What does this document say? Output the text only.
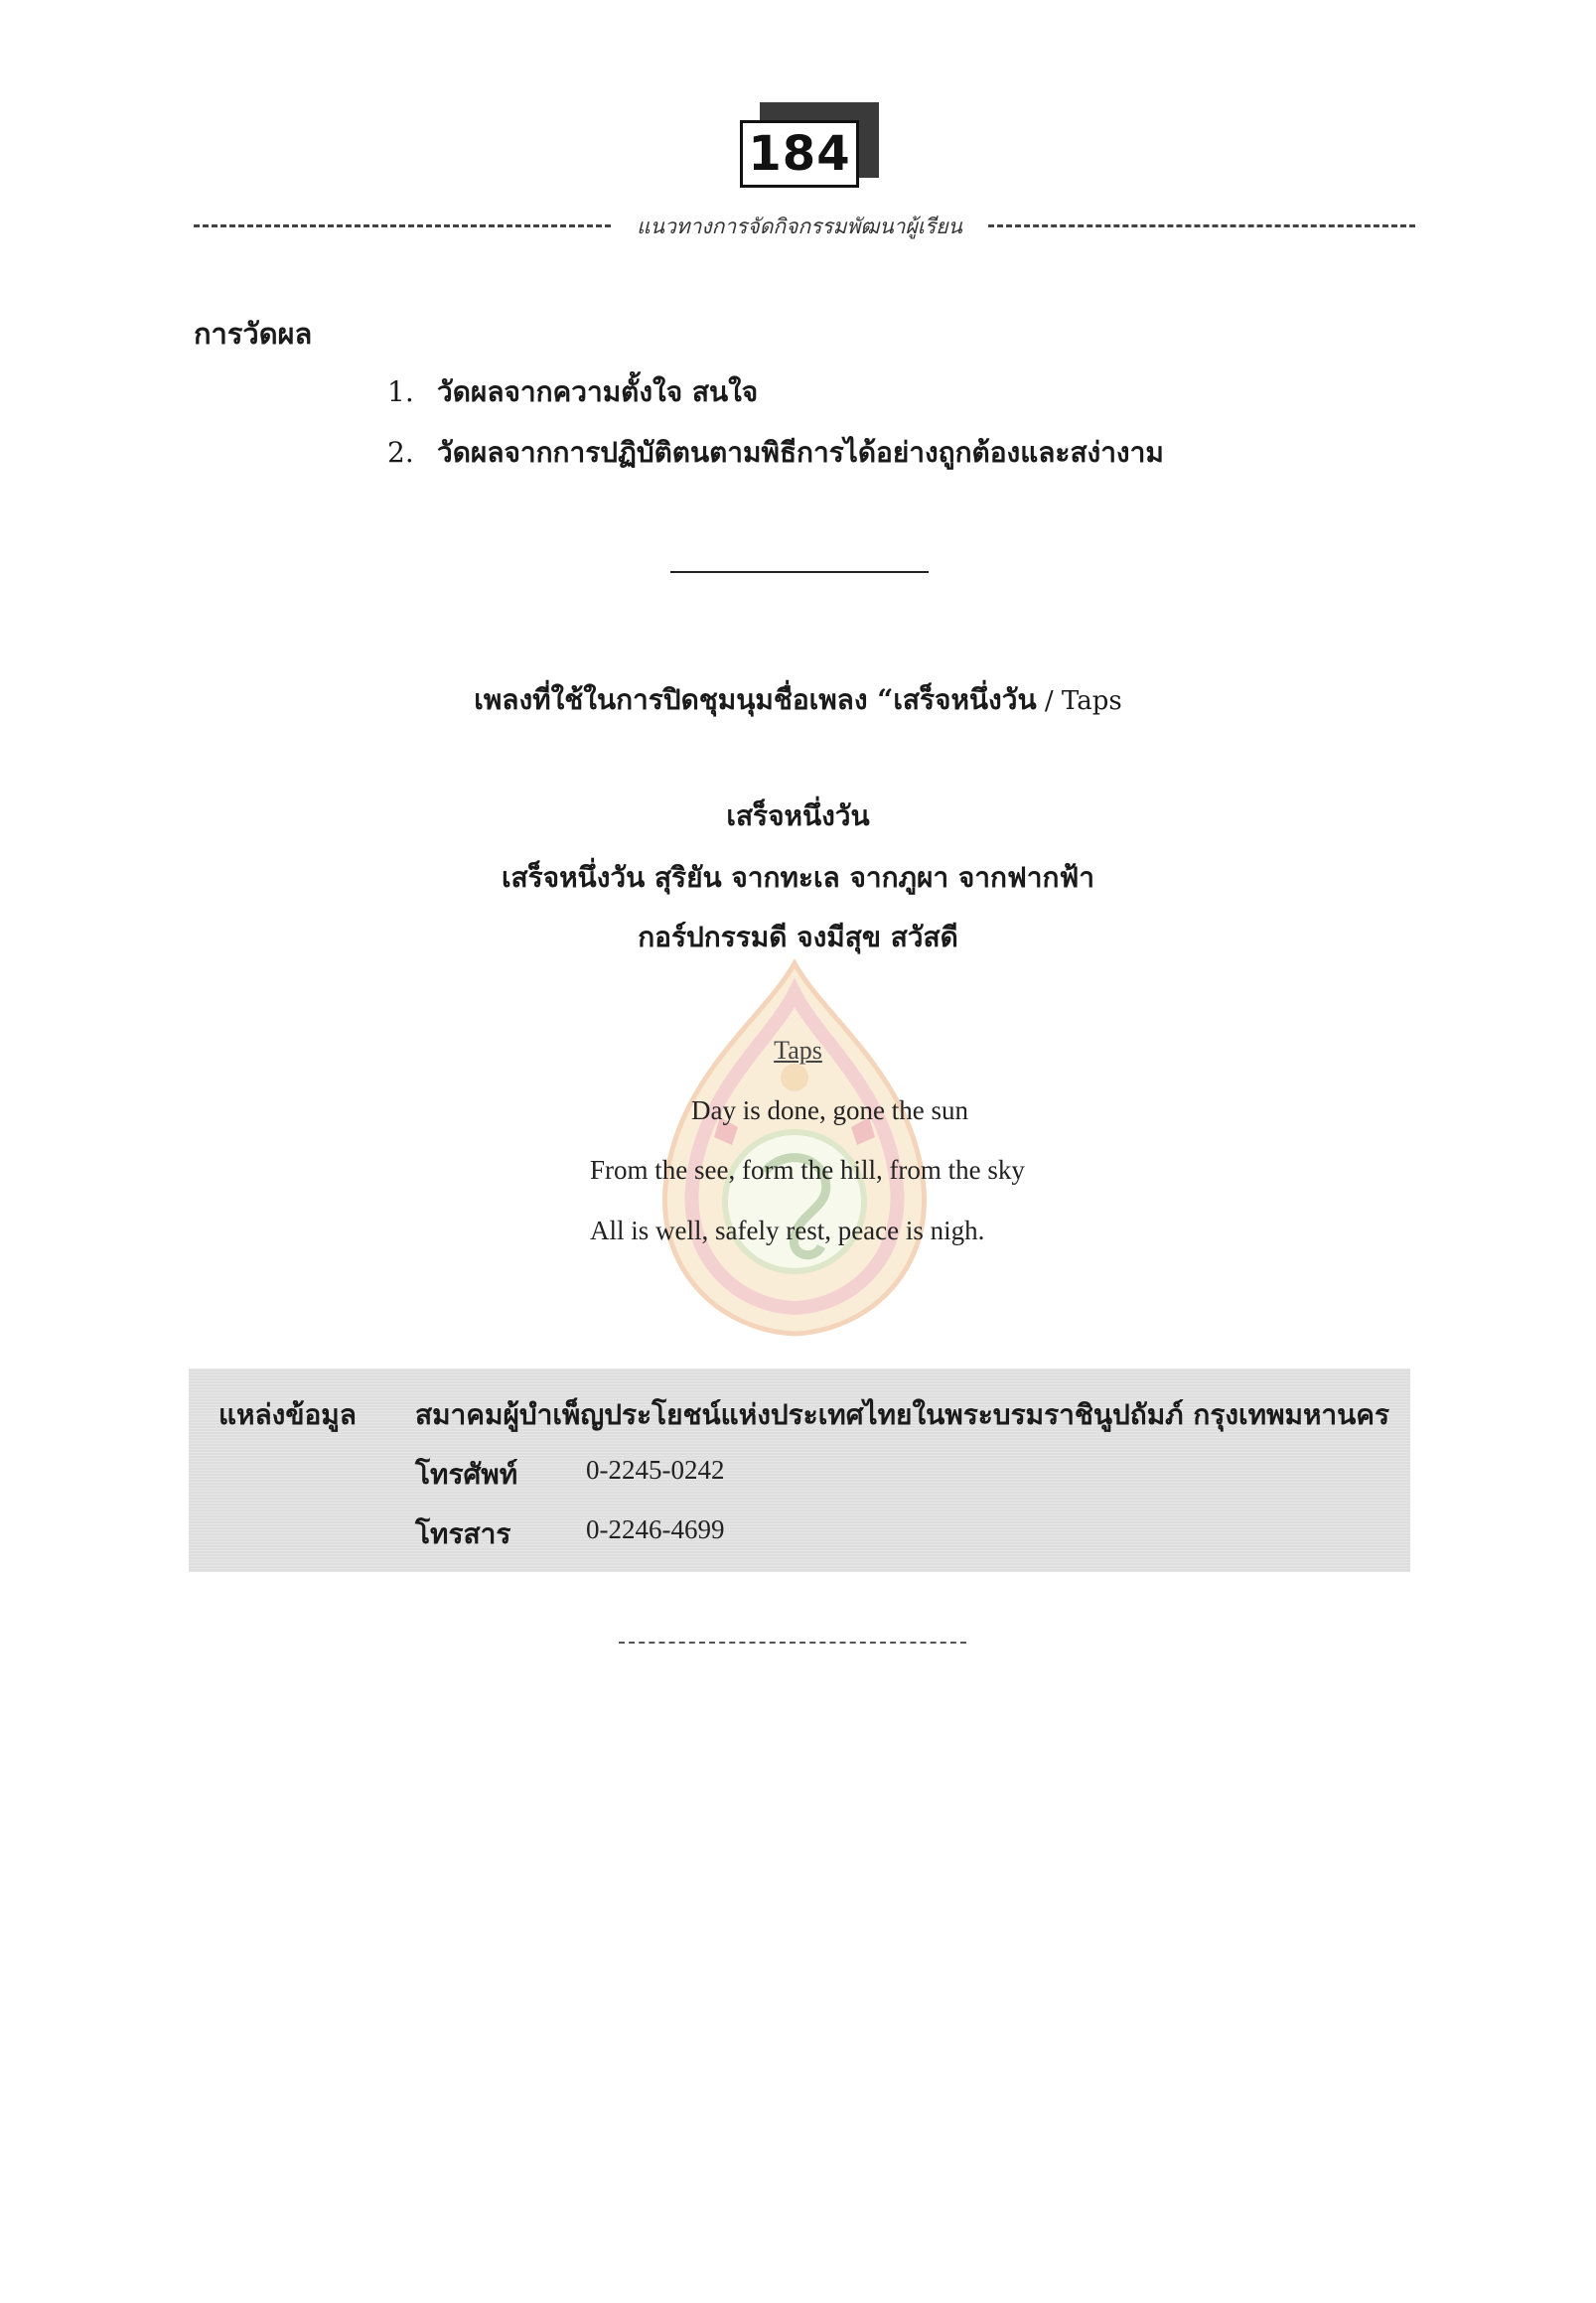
184
แนวทางการจัดกิจกรรมพัฒนาผู้เรียน
การวัดผล
1. วัดผลจากความตั้งใจ สนใจ
2. วัดผลจากการปฏิบัติตนตามพิธีการได้อย่างถูกต้องและสง่างาม
เพลงที่ใช้ในการปิดชุมนุมชื่อเพลง “เสร็จหนึ่งวัน / Taps
เสร็จหนึ่งวัน
เสร็จหนึ่งวัน สุริยัน จากทะเล จากภูผา จากฟากฟ้า
กอร์ปกรรมดี จงมีสุข สวัสดี
Taps
Day is done, gone the sun
From the see, form the hill, from the sky
All is well, safely rest, peace is nigh.
แหล่งข้อมูล สมาคมผู้บำเพ็ญประโยชน์แห่งประเทศไทยในพระบรมราชินูปถัมภ์ กรุงเทพมหานคร
โทรศัพท์	0-2245-0242
โทรสาร	0-2246-4699
